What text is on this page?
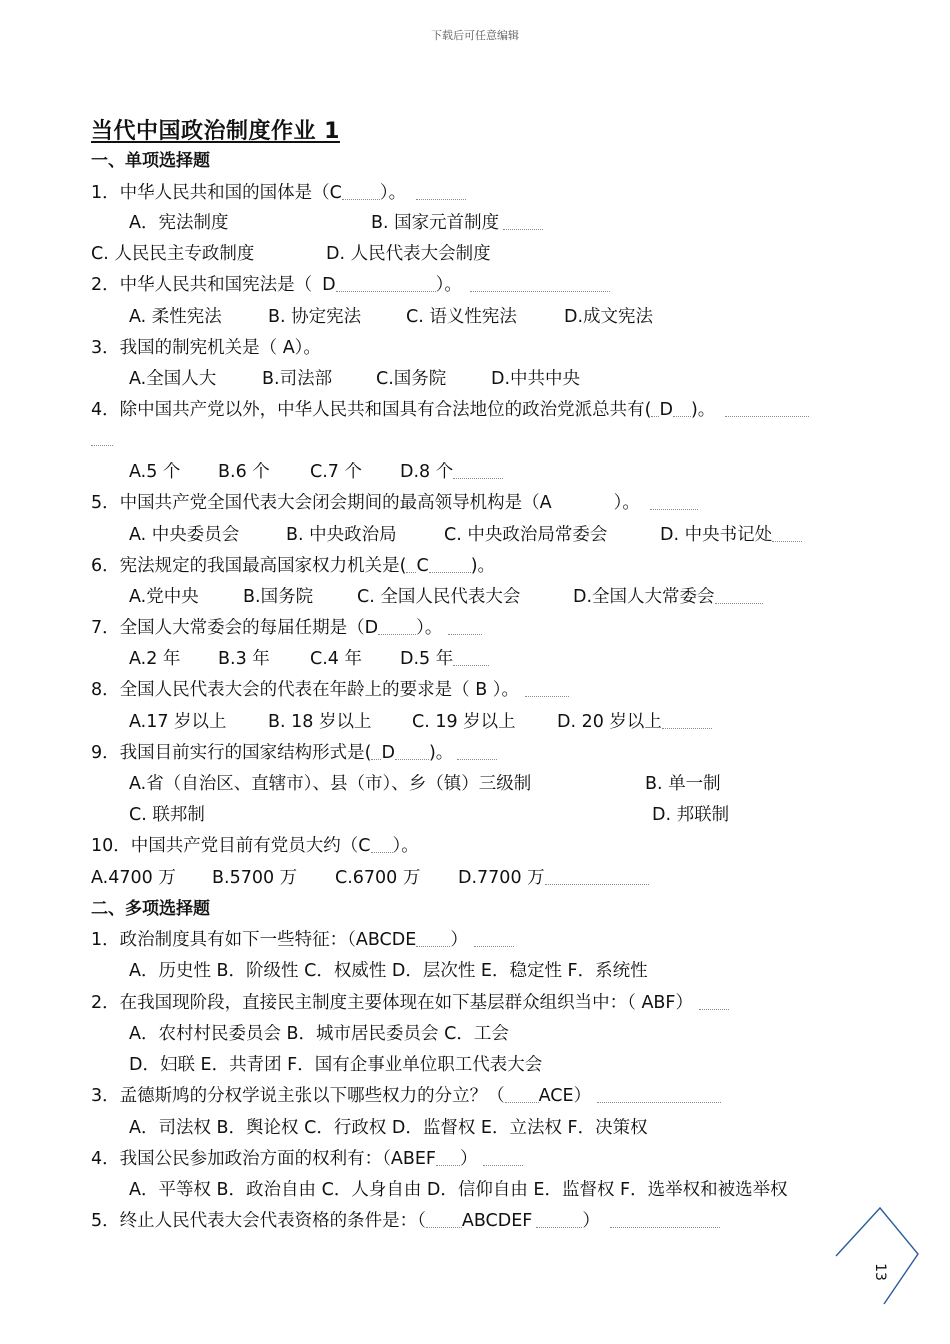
下载后可任意编辑
当代中国政治制度作业 1
一、单项选择题
1．中华人民共和国的国体是（C ）。
A．宪法制度	B. 国家元首制度
C. 人民民主专政制度	D. 人民代表大会制度
2．中华人民共和国宪法是（ D	）。
A. 柔性宪法	B. 协定宪法	C. 语义性宪法	D.成文宪法
3．我国的制宪机关是（ A）。
A.全国人大	B.司法部	C.国务院	D.中共中央
4．除中国共产党以外，中华人民共和国具有合法地位的政治党派总共有( D )。
A.5 个 B.6 个 C.7 个 D.8 个
5．中国共产党全国代表大会闭会期间的最高领导机构是（A	）。
A. 中央委员会	B. 中央政治局	C. 中央政治局常委会	D. 中央书记处
6．宪法规定的我国最高国家权力机关是( C )。
A.党中央	B.国务院	C. 全国人民代表大会	D.全国人大常委会
7．全国人大常委会的每届任期是（D ）。
A.2 年 B.3 年 C.4 年 D.5 年
8．全国人民代表大会的代表在年龄上的要求是（ B ）。
A.17 岁以上 B. 18 岁以上 C. 19 岁以上 D. 20 岁以上
9．我国目前实行的国家结构形式是( D )。
A.省（自治区、直辖市）、县（市）、乡（镇）三级制	B. 单一制
C. 联邦制	D. 邦联制
10．中国共产党目前有党员大约（C ）。
A.4700 万 B.5700 万 C.6700 万 D.7700 万
二、多项选择题
1．政治制度具有如下一些特征：（ABCDE ）
A．历史性 B．阶级性 C．权威性 D．层次性 E．稳定性 F．系统性
2．在我国现阶段，直接民主制度主要体现在如下基层群众组织当中：（ ABF）
A．农村村民委员会 B．城市居民委员会 C．工会
D．妇联 E．共青团 F．国有企事业单位职工代表大会
3．孟德斯鸠的分权学说主张以下哪些权力的分立？（ ACE）
A．司法权 B．舆论权 C．行政权 D．监督权 E．立法权 F．决策权
4．我国公民参加政治方面的权利有：（ABEF ）
A．平等权 B．政治自由 C．人身自由 D．信仰自由 E．监督权 F．选举权和被选举权
5．终止人民代表大会代表资格的条件是：（ ABCDEF	）
13
